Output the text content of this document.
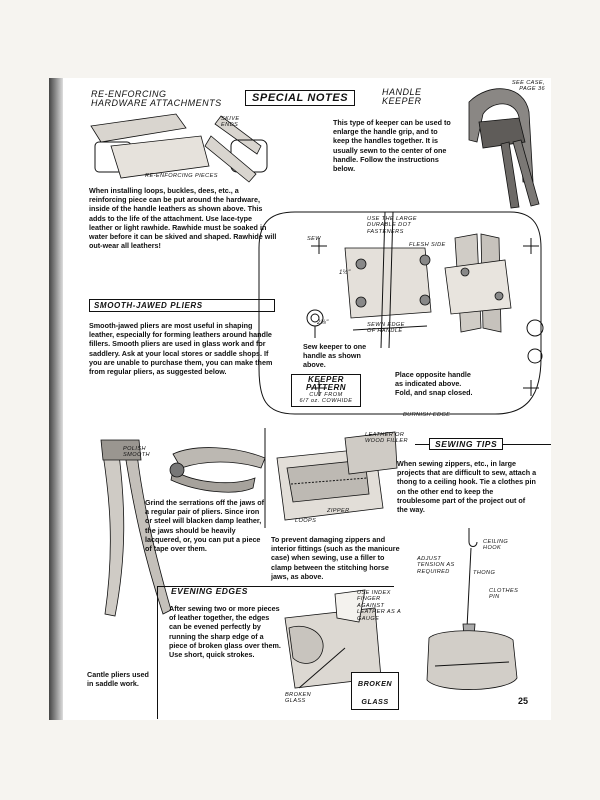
RE-ENFORCING
HARDWARE ATTACHMENTS	SPECIAL NOTES	HANDLE
KEEPER
SEE CASE, PAGE 36
SKIVE ENDS
RE-ENFORCING PIECES
When installing loops, buckles, dees, etc., a reinforcing piece can be put around the hardware, inside of the handle leathers as shown above. This adds to the life of the attachment. Use lace-type leather or light rawhide. Rawhide must be soaked in water before it can be skived and shaped. Rawhide will out-wear all leathers!
This type of keeper can be used to enlarge the handle grip, and to keep the handles together. It is usually sewn to the center of one handle. Follow the instructions below.
USE THE LARGE DURABLE DOT FASTENERS
SEW
FLESH SIDE
1½"
2⅛"	SEWN EDGE OF HANDLE
Sew keeper to one handle as shown above.
Place opposite handle as indicated above. Fold, and snap closed.
KEEPER
PATTERN
CUT FROM
6/7 oz. COWHIDE
BURNISH EDGE
SMOOTH-JAWED PLIERS
Smooth-jawed pliers are most useful in shaping leather, especially for forming leathers around handle fillers. Smooth pliers are used in glass work and for saddlery. Ask at your local stores or saddle shops. If you are unable to purchase them, you can make them from regular pliers, as suggested below.
POLISH SMOOTH
Grind the serrations off the jaws of a regular pair of pliers. Since iron or steel will blacken damp leather, the jaws should be heavily lacquered, or, you can put a piece of tape over them.
Cantle pliers used in saddle work.
LEATHER OR WOOD FILLER
ZIPPER
LOOPS
To prevent damaging zippers and interior fittings (such as the manicure case) when sewing, use a filler to clamp between the stitching horse jaws, as above.
SEWING TIPS
When sewing zippers, etc., in large projects that are difficult to sew, attach a thong to a ceiling hook. Tie a clothes pin on the other end to keep the troublesome part of the project out of the way.
CEILING HOOK
ADJUST TENSION AS REQUIRED	THONG
CLOTHES PIN
EVENING EDGES
After sewing two or more pieces of leather together, the edges can be evened perfectly by running the sharp edge of a piece of broken glass over them. Use short, quick strokes.
USE INDEX FINGER AGAINST LEATHER AS A GAUGE
BROKEN GLASS
BROKEN GLASS	25
